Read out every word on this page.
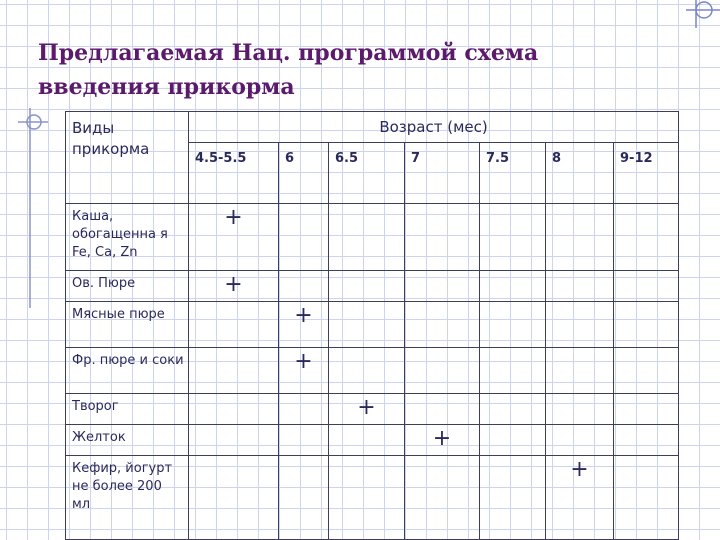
Предлагаемая Нац. программой схема
введения прикорма
Виды прикорма	Возраст (мес)						
	4.5-5.5	6	6.5	7	7.5	8	9-12
Каша, обогащенна я Fe, Ca, Zn	+						
Ов. Пюре	+						
Мясные пюре		+					
Фр. пюре и соки		+					
Творог			+				
Желток				+			
Кефир, йогурт не более 200 мл						+	
